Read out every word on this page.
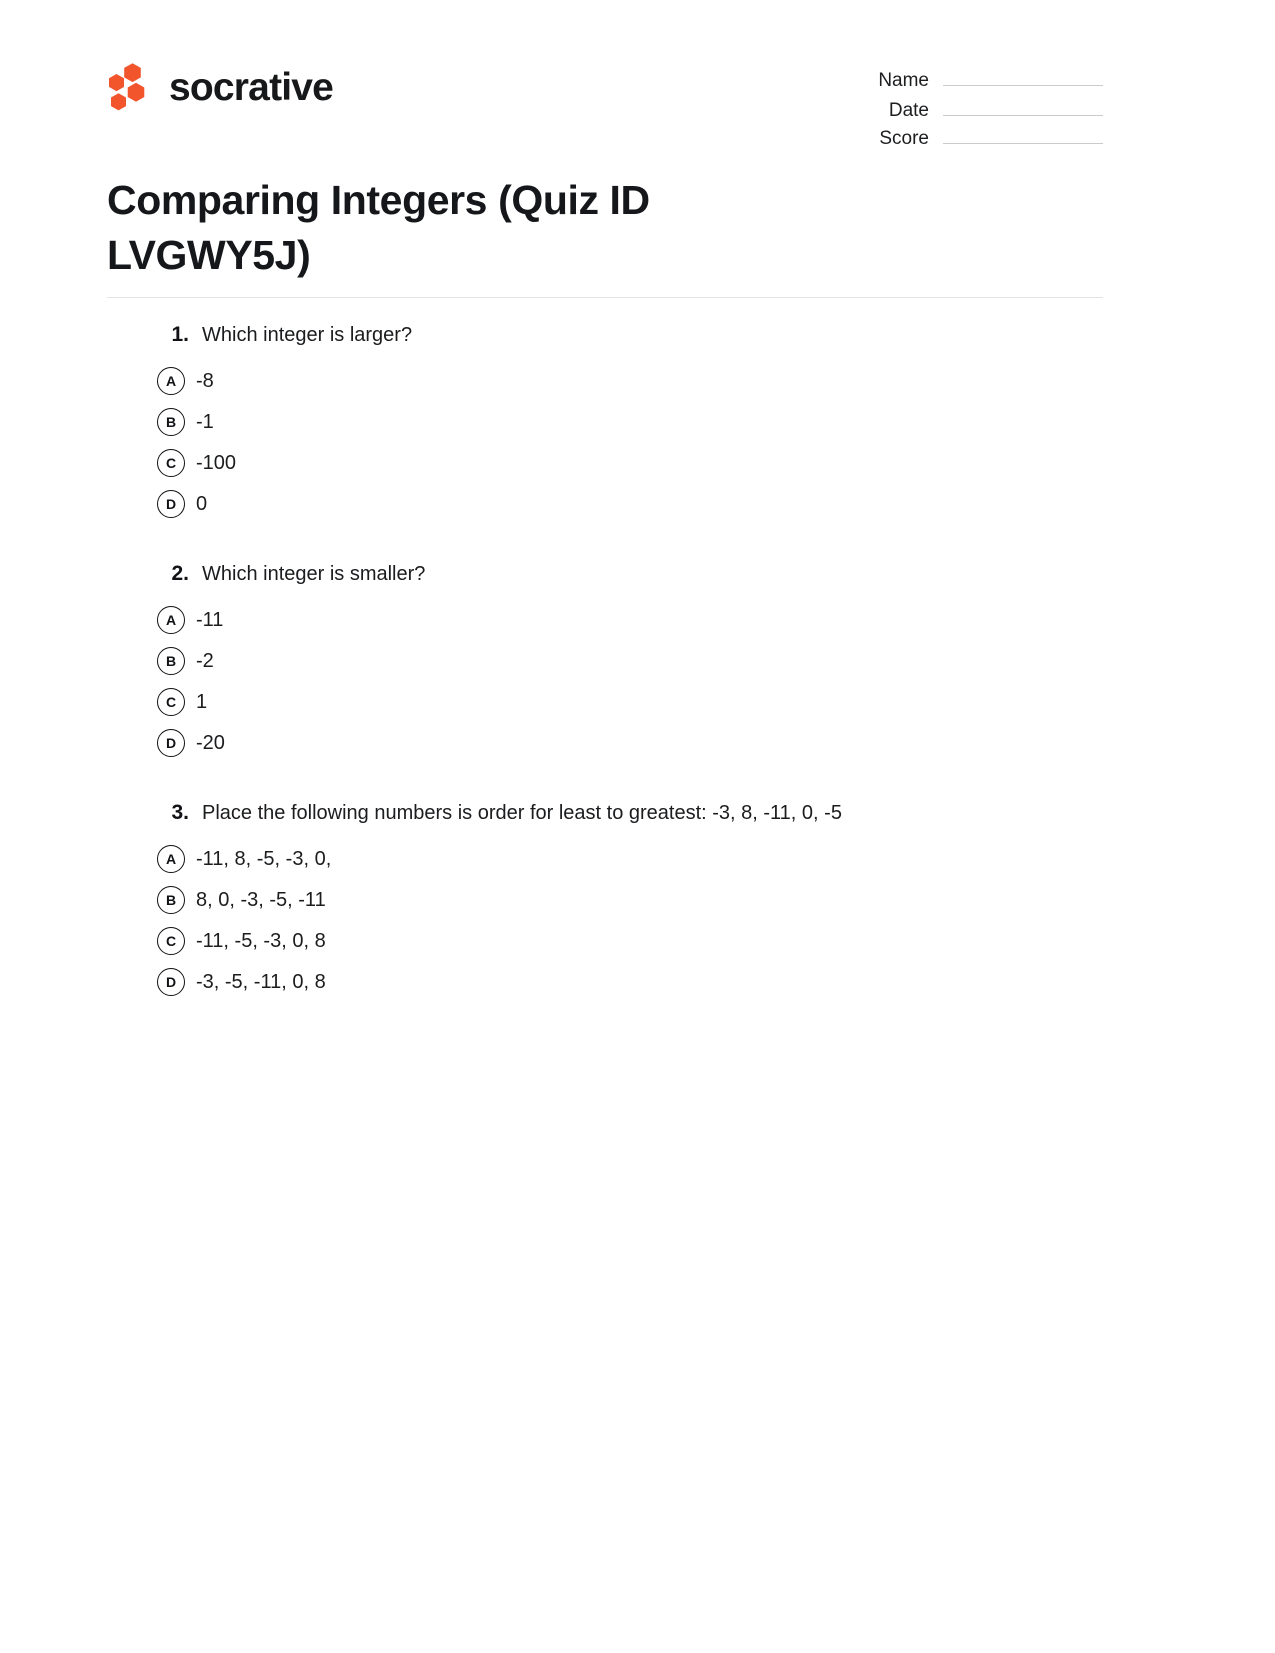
socrative
Comparing Integers (Quiz ID LVGWY5J)
Name
Date
Score
1. Which integer is larger?
A -8
B -1
C -100
D 0
2. Which integer is smaller?
A -11
B -2
C 1
D -20
3. Place the following numbers is order for least to greatest: -3, 8, -11, 0, -5
A -11, 8, -5, -3, 0,
B 8, 0, -3, -5, -11
C -11, -5, -3, 0, 8
D -3, -5, -11, 0, 8
